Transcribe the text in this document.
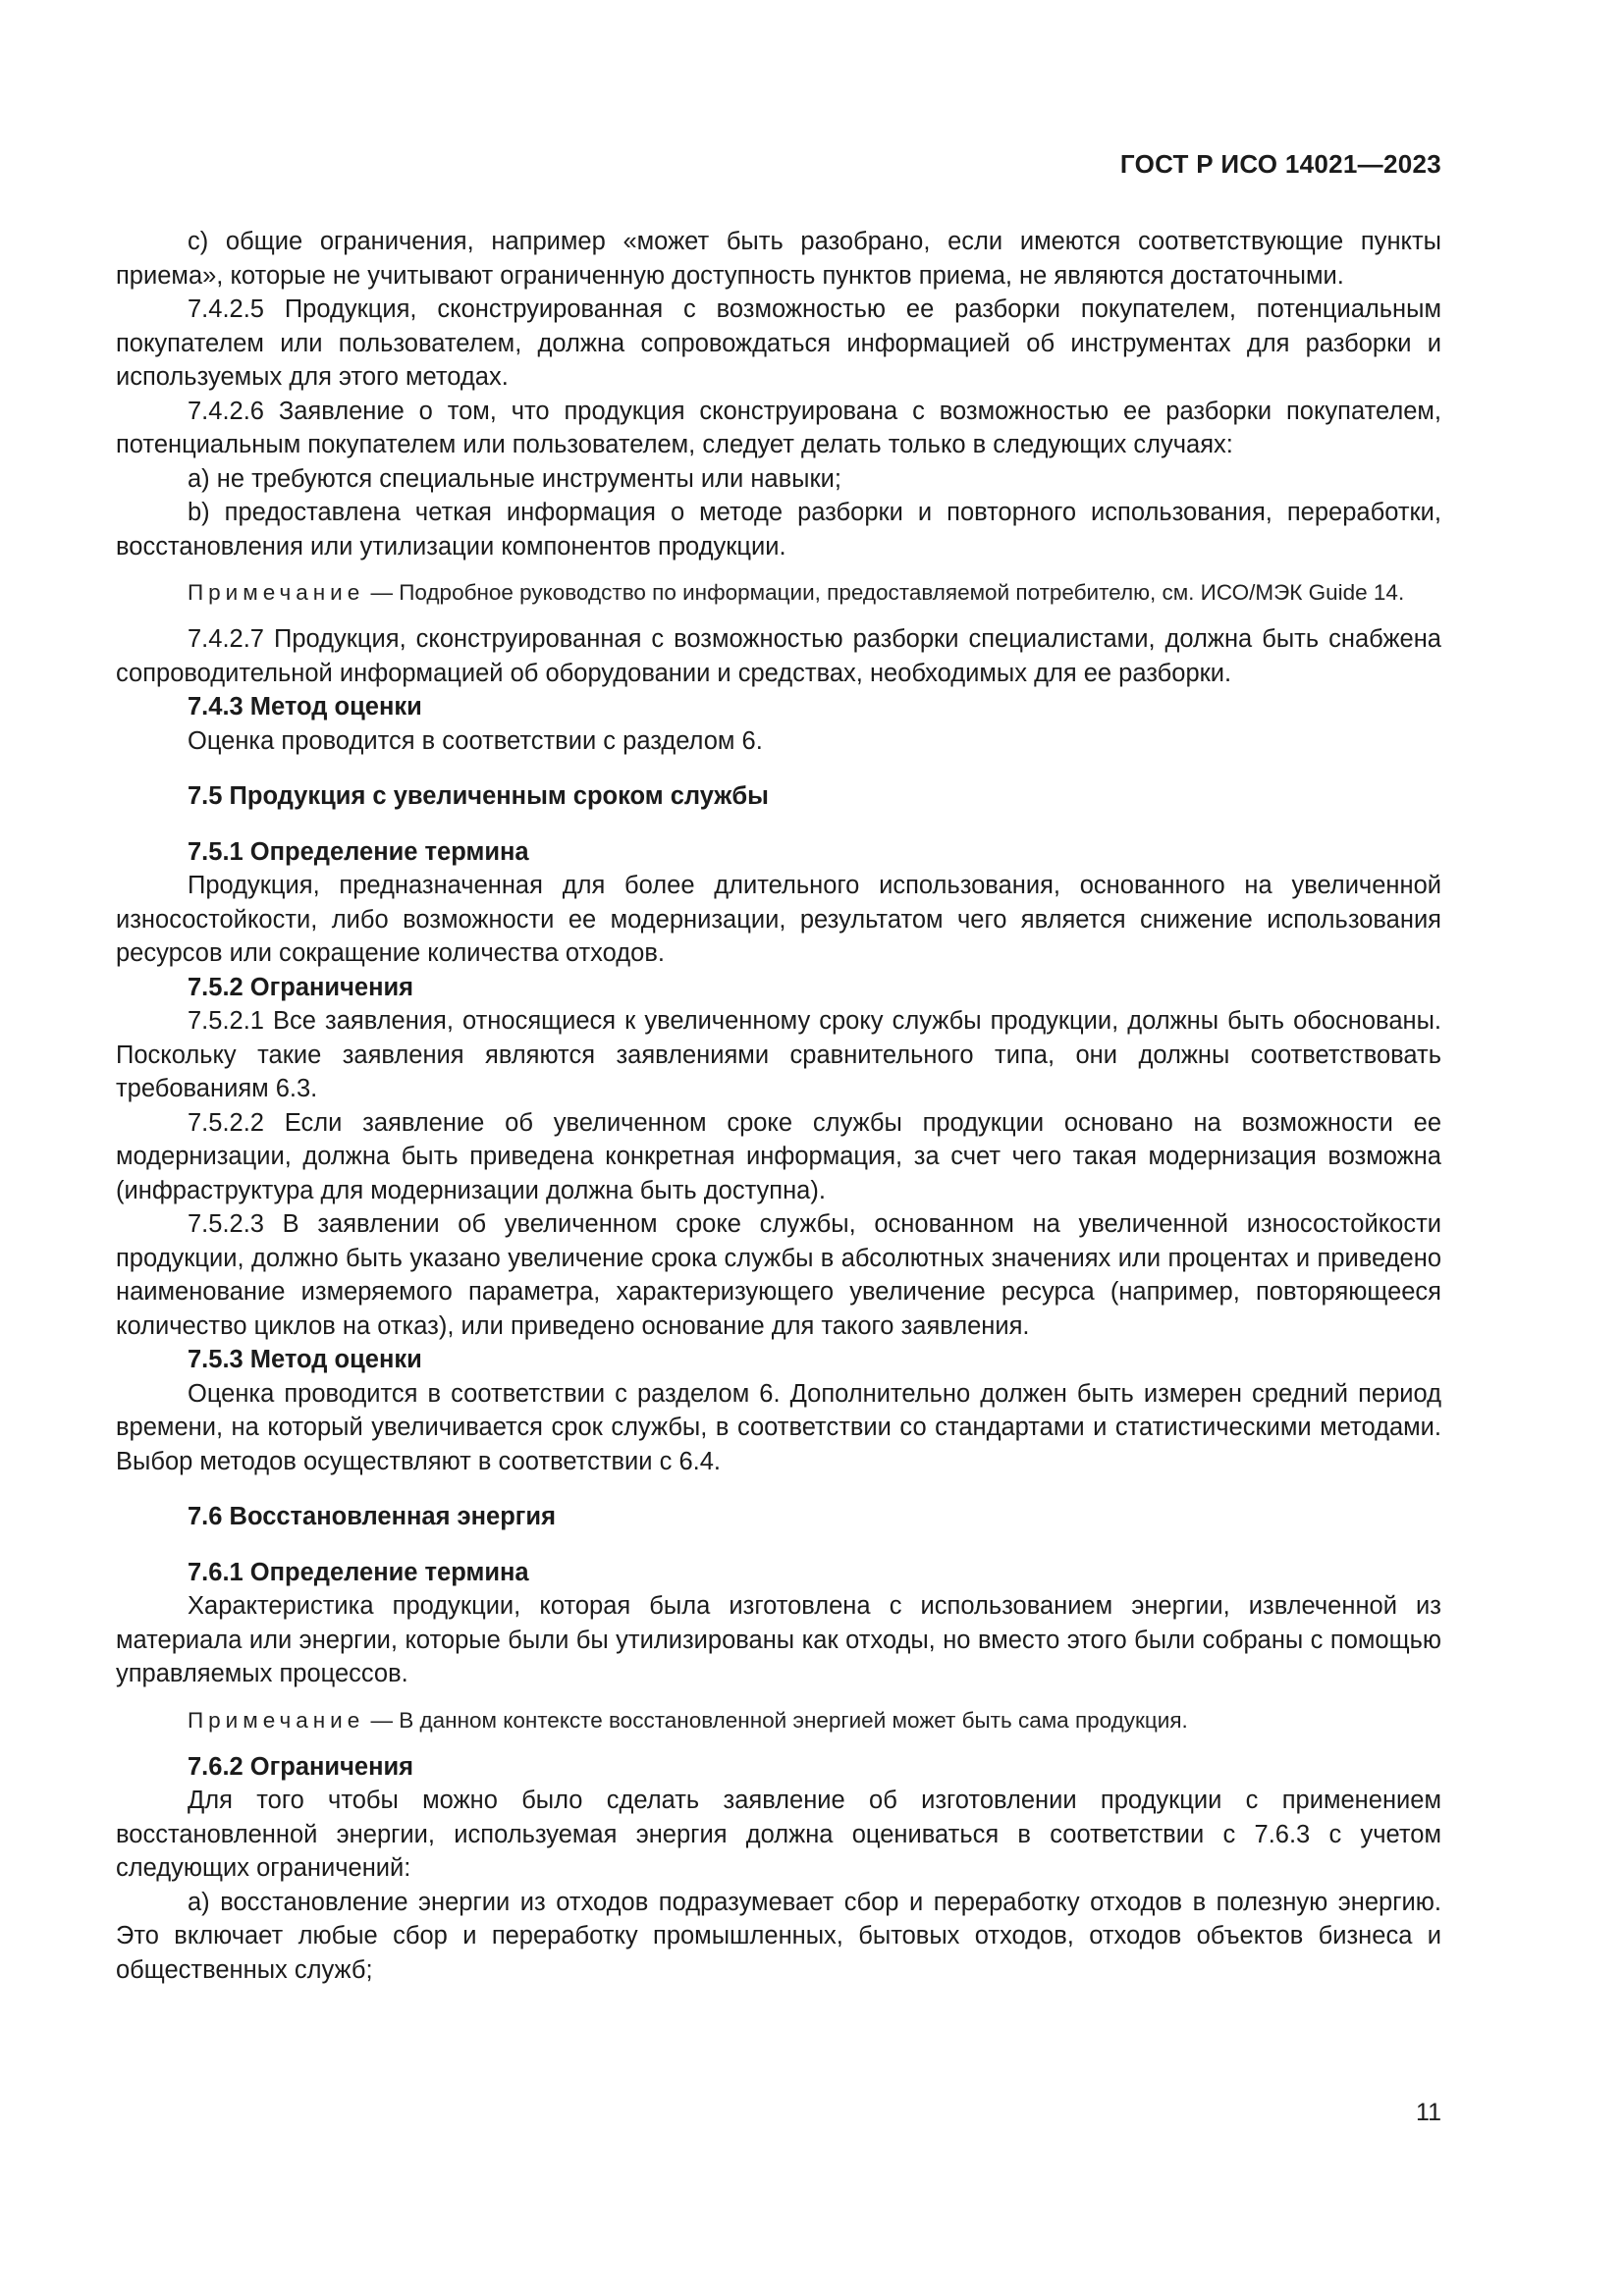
ГОСТ Р ИСО 14021—2023

c) общие ограничения, например «может быть разобрано, если имеются соответствующие пункты приема», которые не учитывают ограниченную доступность пунктов приема, не являются достаточными.

7.4.2.5 Продукция, сконструированная с возможностью ее разборки покупателем, потенциальным покупателем или пользователем, должна сопровождаться информацией об инструментах для разборки и используемых для этого методах.

7.4.2.6 Заявление о том, что продукция сконструирована с возможностью ее разборки покупателем, потенциальным покупателем или пользователем, следует делать только в следующих случаях:

а) не требуются специальные инструменты или навыки;

b) предоставлена четкая информация о методе разборки и повторного использования, переработки, восстановления или утилизации компонентов продукции.

Примечание — Подробное руководство по информации, предоставляемой потребителю, см. ИСО/МЭК Guide 14.

7.4.2.7 Продукция, сконструированная с возможностью разборки специалистами, должна быть снабжена сопроводительной информацией об оборудовании и средствах, необходимых для ее разборки.

7.4.3 Метод оценки

Оценка проводится в соответствии с разделом 6.

7.5 Продукция с увеличенным сроком службы
7.5.1 Определение термина

Продукция, предназначенная для более длительного использования, основанного на увеличенной износостойкости, либо возможности ее модернизации, результатом чего является снижение использования ресурсов или сокращение количества отходов.

7.5.2 Ограничения

7.5.2.1 Все заявления, относящиеся к увеличенному сроку службы продукции, должны быть обоснованы. Поскольку такие заявления являются заявлениями сравнительного типа, они должны соответствовать требованиям 6.3.

7.5.2.2 Если заявление об увеличенном сроке службы продукции основано на возможности ее модернизации, должна быть приведена конкретная информация, за счет чего такая модернизация возможна (инфраструктура для модернизации должна быть доступна).

7.5.2.3 В заявлении об увеличенном сроке службы, основанном на увеличенной износостойкости продукции, должно быть указано увеличение срока службы в абсолютных значениях или процентах и приведено наименование измеряемого параметра, характеризующего увеличение ресурса (например, повторяющееся количество циклов на отказ), или приведено основание для такого заявления.

7.5.3 Метод оценки

Оценка проводится в соответствии с разделом 6. Дополнительно должен быть измерен средний период времени, на который увеличивается срок службы, в соответствии со стандартами и статистическими методами. Выбор методов осуществляют в соответствии с 6.4.

7.6 Восстановленная энергия
7.6.1 Определение термина

Характеристика продукции, которая была изготовлена с использованием энергии, извлеченной из материала или энергии, которые были бы утилизированы как отходы, но вместо этого были собраны с помощью управляемых процессов.

Примечание — В данном контексте восстановленной энергией может быть сама продукция.
7.6.2 Ограничения

Для того чтобы можно было сделать заявление об изготовлении продукции с применением восстановленной энергии, используемая энергия должна оцениваться в соответствии с 7.6.3 с учетом следующих ограничений:

а) восстановление энергии из отходов подразумевает сбор и переработку отходов в полезную энергию. Это включает любые сбор и переработку промышленных, бытовых отходов, отходов объектов бизнеса и общественных служб;

11
